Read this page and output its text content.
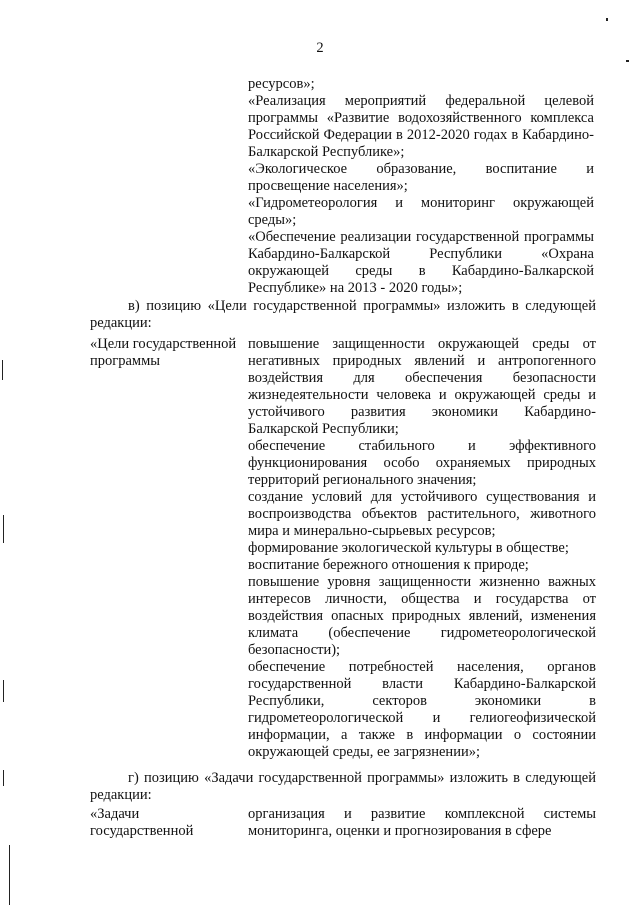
2

ресурсов»;

«Реализация мероприятий федеральной целевой программы «Развитие водохозяйственного комплекса Российской Федерации в 2012-2020 годах в Кабардино-Балкарской Республике»;

«Экологическое образование, воспитание и просвещение населения»;

«Гидрометеорология и мониторинг окружающей среды»;

«Обеспечение реализации государственной программы Кабардино-Балкарской Республики «Охрана окружающей среды в Кабардино-Балкарской Республике» на 2013 - 2020 годы»;

в) позицию «Цели государственной программы» изложить в следующей редакции:

«Цели государственной программы

повышение защищенности окружающей среды от негативных природных явлений и антропогенного воздействия для обеспечения безопасности жизнедеятельности человека и окружающей среды и устойчивого развития экономики Кабардино-Балкарской Республики;

обеспечение стабильного и эффективного функционирования особо охраняемых природных территорий регионального значения;

создание условий для устойчивого существования и воспроизводства объектов растительного, животного мира и минерально-сырьевых ресурсов;

формирование экологической культуры в обществе;

воспитание бережного отношения к природе;

повышение уровня защищенности жизненно важных интересов личности, общества и государства от воздействия опасных природных явлений, изменения климата (обеспечение гидрометеорологической безопасности);

обеспечение потребностей населения, органов государственной власти Кабардино-Балкарской Республики, секторов экономики в гидрометеорологической и гелиогеофизической информации, а также в информации о состоянии окружающей среды, ее загрязнении»;

г) позицию «Задачи государственной программы» изложить в следующей редакции:

«Задачи государственной

организация и развитие комплексной системы мониторинга, оценки и прогнозирования в сфере
